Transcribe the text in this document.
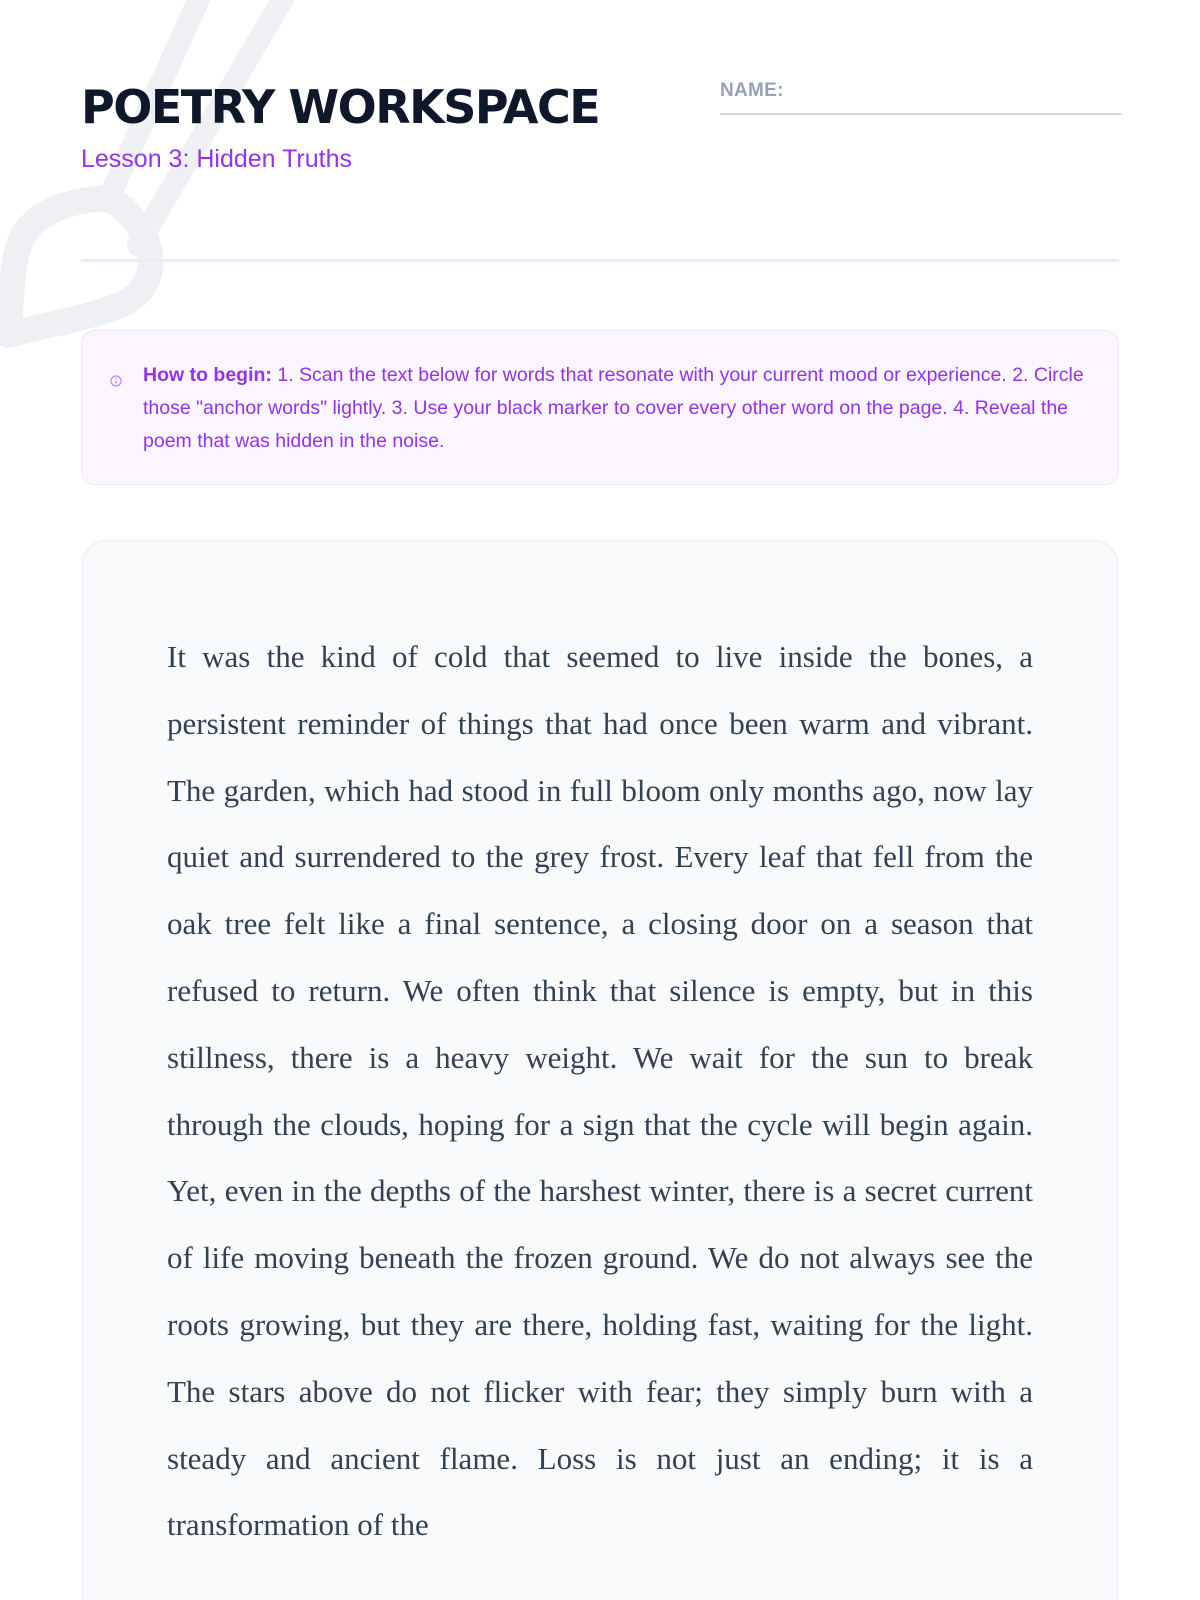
POETRY WORKSPACE

Lesson 3: Hidden Truths

NAME:

How to begin: 1. Scan the text below for words that resonate with your current mood or experience. 2. Circle those "anchor words" lightly. 3. Use your black marker to cover every other word on the page. 4. Reveal the poem that was hidden in the noise.

It was the kind of cold that seemed to live inside the bones, a persistent reminder of things that had once been warm and vibrant. The garden, which had stood in full bloom only months ago, now lay quiet and surrendered to the grey frost. Every leaf that fell from the oak tree felt like a final sentence, a closing door on a season that refused to return. We often think that silence is empty, but in this stillness, there is a heavy weight. We wait for the sun to break through the clouds, hoping for a sign that the cycle will begin again. Yet, even in the depths of the harshest winter, there is a secret current of life moving beneath the frozen ground. We do not always see the roots growing, but they are there, holding fast, waiting for the light. The stars above do not flicker with fear; they simply burn with a steady and ancient flame. Loss is not just an ending; it is a transformation of the
